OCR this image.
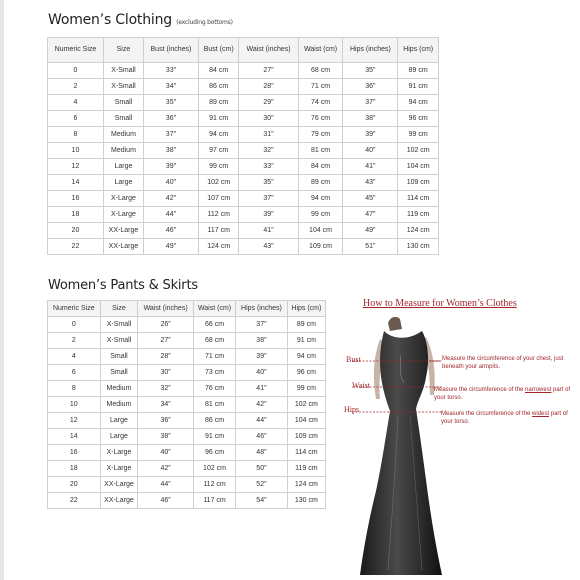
Women’s Clothing (excluding bottoms)
Numeric Size	Size	Bust (inches)	Bust (cm)	Waist (inches)	Waist (cm)	Hips (inches)	Hips (cm)
0	X-Small	33"	84 cm	27"	68 cm	35"	89 cm
2	X-Small	34"	86 cm	28"	71 cm	36"	91 cm
4	Small	35"	89 cm	29"	74 cm	37"	94 cm
6	Small	36"	91 cm	30"	76 cm	38"	96 cm
8	Medium	37"	94 cm	31"	79 cm	39"	99 cm
10	Medium	38"	97 cm	32"	81 cm	40"	102 cm
12	Large	39"	99 cm	33"	84 cm	41"	104 cm
14	Large	40"	102 cm	35"	89 cm	43"	109 cm
16	X-Large	42"	107 cm	37"	94 cm	45"	114 cm
18	X-Large	44"	112 cm	39"	99 cm	47"	119 cm
20	XX-Large	46"	117 cm	41"	104 cm	49"	124 cm
22	XX-Large	49"	124 cm	43"	109 cm	51"	130 cm
Women’s Pants & Skirts
Numeric Size	Size	Waist (inches)	Waist (cm)	Hips (inches)	Hips (cm)
0	X-Small	26"	66 cm	37"	89 cm
2	X-Small	27"	68 cm	38"	91 cm
4	Small	28"	71 cm	39"	94 cm
6	Small	30"	73 cm	40"	96 cm
8	Medium	32"	76 cm	41"	99 cm
10	Medium	34"	81 cm	42"	102 cm
12	Large	36"	86 cm	44"	104 cm
14	Large	38"	91 cm	46"	109 cm
16	X-Large	40"	96 cm	48"	114 cm
18	X-Large	42"	102 cm	50"	119 cm
20	XX-Large	44"	112 cm	52"	124 cm
22	XX-Large	46"	117 cm	54"	130 cm
How to Measure for Women’s Clothes
Bust
Waist
Hips
Measure the circumference of your chest, just beneath your armpits.
Measure the circumference of the narrowest part of your torso.
Measure the circumference of the widest part of your torso.
